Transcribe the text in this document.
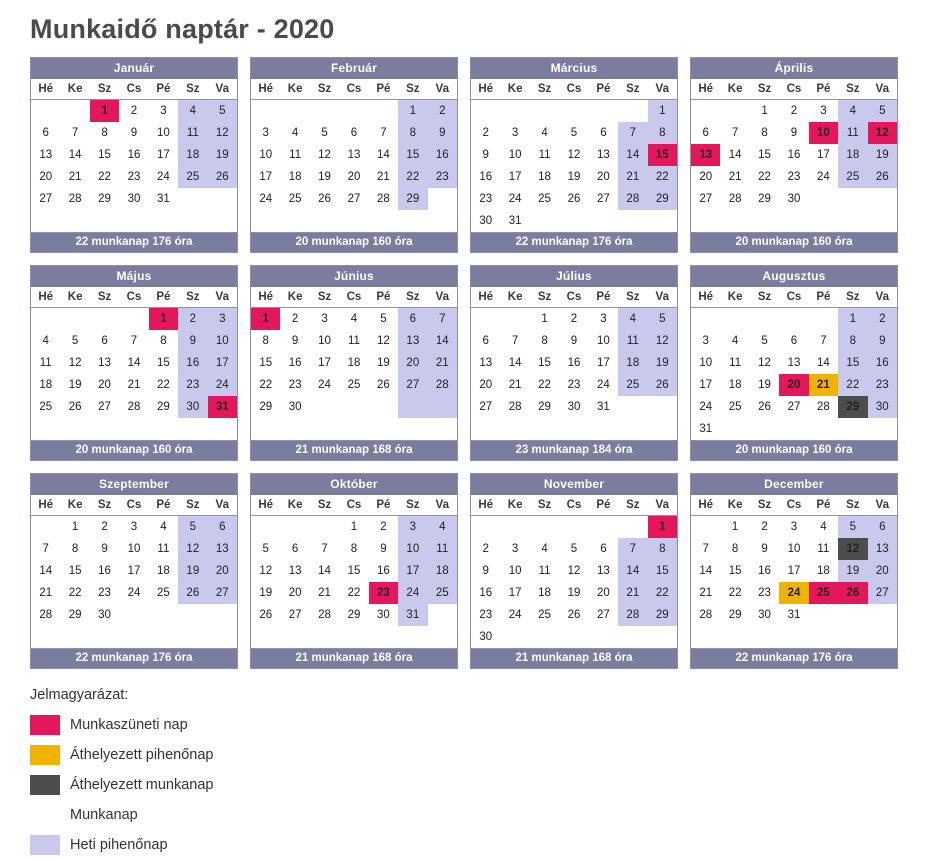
Munkaidő naptár - 2020
Január
Hé	Ke	Sz	Cs	Pé	Sz	Va
		1	2	3	4	5
6	7	8	9	10	11	12
13	14	15	16	17	18	19
20	21	22	23	24	25	26
27	28	29	30	31		
22 munkanap 176 óra
Február
Hé	Ke	Sz	Cs	Pé	Sz	Va
					1	2
3	4	5	6	7	8	9
10	11	12	13	14	15	16
17	18	19	20	21	22	23
24	25	26	27	28	29	
20 munkanap 160 óra
Március
Hé	Ke	Sz	Cs	Pé	Sz	Va
						1
2	3	4	5	6	7	8
9	10	11	12	13	14	15
16	17	18	19	20	21	22
23	24	25	26	27	28	29
30	31					
22 munkanap 176 óra
Április
Hé	Ke	Sz	Cs	Pé	Sz	Va
		1	2	3	4	5
6	7	8	9	10	11	12
13	14	15	16	17	18	19
20	21	22	23	24	25	26
27	28	29	30			
20 munkanap 160 óra
Május
Hé	Ke	Sz	Cs	Pé	Sz	Va
				1	2	3
4	5	6	7	8	9	10
11	12	13	14	15	16	17
18	19	20	21	22	23	24
25	26	27	28	29	30	31
20 munkanap 160 óra
Június
Hé	Ke	Sz	Cs	Pé	Sz	Va
1	2	3	4	5	6	7
8	9	10	11	12	13	14
15	16	17	18	19	20	21
22	23	24	25	26	27	28
29	30					
21 munkanap 168 óra
Július
Hé	Ke	Sz	Cs	Pé	Sz	Va
		1	2	3	4	5
6	7	8	9	10	11	12
13	14	15	16	17	18	19
20	21	22	23	24	25	26
27	28	29	30	31		
23 munkanap 184 óra
Augusztus
Hé	Ke	Sz	Cs	Pé	Sz	Va
					1	2
3	4	5	6	7	8	9
10	11	12	13	14	15	16
17	18	19	20	21	22	23
24	25	26	27	28	29	30
31						
20 munkanap 160 óra
Szeptember
Hé	Ke	Sz	Cs	Pé	Sz	Va
	1	2	3	4	5	6
7	8	9	10	11	12	13
14	15	16	17	18	19	20
21	22	23	24	25	26	27
28	29	30				
22 munkanap 176 óra
Október
Hé	Ke	Sz	Cs	Pé	Sz	Va
			1	2	3	4
5	6	7	8	9	10	11
12	13	14	15	16	17	18
19	20	21	22	23	24	25
26	27	28	29	30	31	
21 munkanap 168 óra
November
Hé	Ke	Sz	Cs	Pé	Sz	Va
						1
2	3	4	5	6	7	8
9	10	11	12	13	14	15
16	17	18	19	20	21	22
23	24	25	26	27	28	29
30						
21 munkanap 168 óra
December
Hé	Ke	Sz	Cs	Pé	Sz	Va
	1	2	3	4	5	6
7	8	9	10	11	12	13
14	15	16	17	18	19	20
21	22	23	24	25	26	27
28	29	30	31			
22 munkanap 176 óra
Jelmagyarázat:
Munkaszüneti nap
Áthelyezett pihenőnap
Áthelyezett munkanap
Munkanap
Heti pihenőnap
